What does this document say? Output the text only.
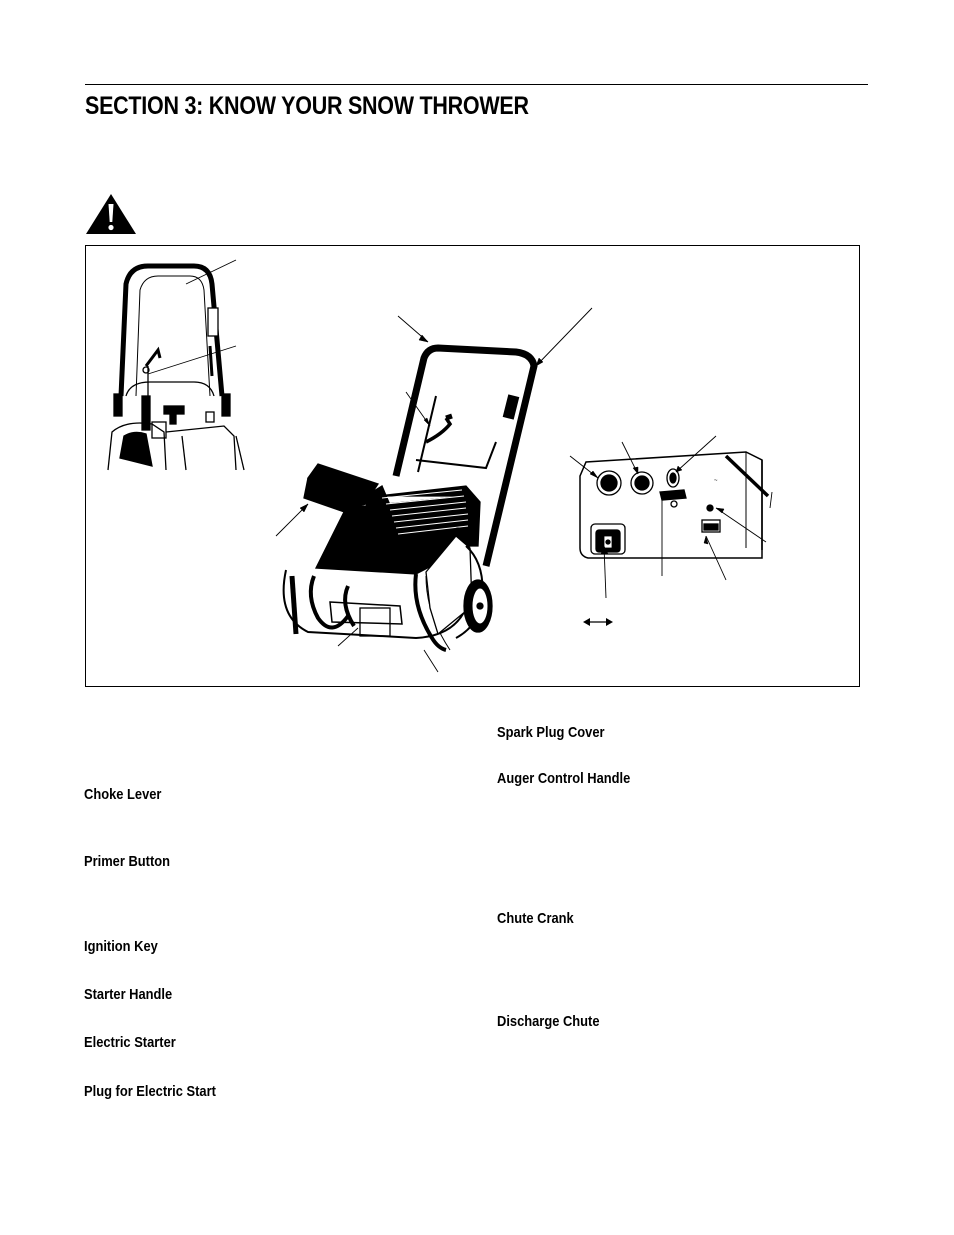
SECTION 3: KNOW YOUR SNOW THROWER
~

Choke Lever

Primer Button

Ignition Key

Starter Handle

Electric Starter

Plug for Electric Start

Spark Plug Cover

Auger Control Handle

Chute Crank

Discharge Chute
